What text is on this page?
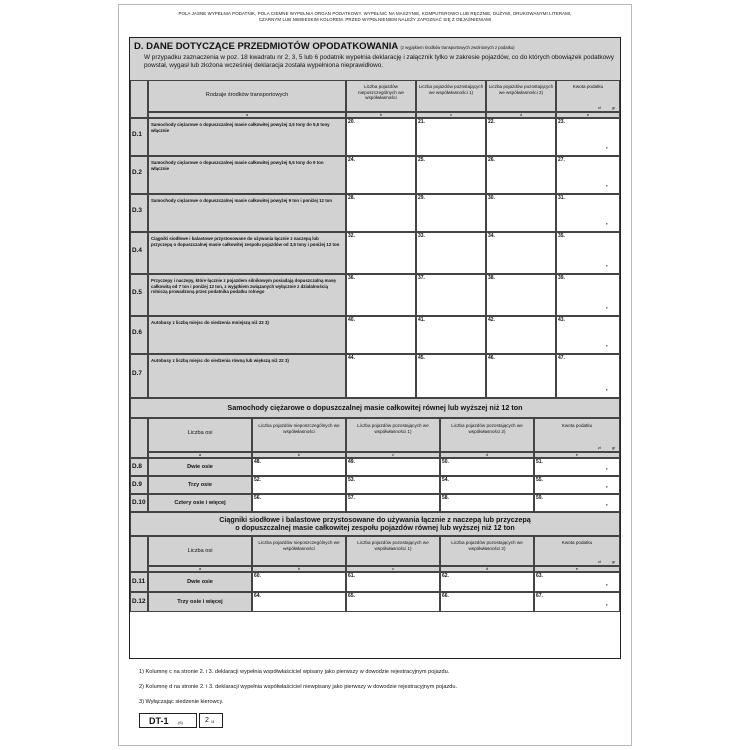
POLA JASNE WYPEŁNIA PODATNIK, POLA CIEMNE WYPEŁNIA ORGAN PODATKOWY. WYPEŁNIĆ NA MASZYNIE, KOMPUTEROWO LUB RĘCZNIE, DUŻYMI, DRUKOWANYMI LITERAMI,
CZARNYM LUB NIEBIESKIM KOLOREM. PRZED WYPEŁNIENIEM NALEŻY ZAPOZNAĆ SIĘ Z OBJAŚNIENIAMI
D. DANE DOTYCZĄCE PRZEDMIOTÓW OPODATKOWANIA (z wyjątkiem środków transportowych zwolnionych z podatku)
W przypadku zaznaczenia w poz. 18 kwadratu nr 2, 3, 5 lub 6 podatnik wypełnia deklarację i załącznik tylko w zakresie pojazdów, co do których obowiązek podatkowy powstał, wygasł lub złożona wcześniej deklaracja została wypełniona nieprawidłowo.
Rodzaje środków transportowych
a
Liczba pojazdów nieposzczególnych we współwłasności
b
Liczba pojazdów pozostających we współwłasności 1)
c
Liczba pojazdów pozostających we współwłasności 2)
d
Kwota podatku
e
zł	gr
D.1
Samochody ciężarowe o dopuszczalnej masie całkowitej powyżej 3,5 tony do 5,5 tony włącznie
20.	21.	22.	23.
,
D.2
Samochody ciężarowe o dopuszczalnej masie całkowitej powyżej 5,5 tony do 9 ton włącznie
24.	25.	26.	27.
,
D.3
Samochody ciężarowe o dopuszczalnej masie całkowitej powyżej 9 ton i poniżej 12 ton	28.	29.	30.	31.
,
D.4
Ciągniki siodłowe i balastowe przystosowane do używania łącznie z naczepą lub przyczepą o dopuszczalnej masie całkowitej zespołu pojazdów od 3,5 tony i poniżej 12 ton
32.	33.	34.	35.
,
D.5
Przyczepy i naczepy, które łącznie z pojazdem silnikowym posiadają dopuszczalną masę całkowitą od 7 ton i poniżej 12 ton, z wyjątkiem związanych wyłącznie z działalnością rolniczą prowadzoną przez podatnika podatku rolnego
36.	37.	38.	39.
,
D.6
Autobusy z liczbą miejsc do siedzenia mniejszą niż 22 3)	40.	41.	42.	43.
,
D.7
Autobusy z liczbą miejsc do siedzenia równą lub większą niż 22 3)	44.	45.	46.	47.
,
Samochody ciężarowe o dopuszczalnej masie całkowitej równej lub wyższej niż 12 ton
Liczba osi
a
Liczba pojazdów nieposzczególnych we współwłasności
b
Liczba pojazdów pozostających we współwłasności 1)
c
Liczba pojazdów pozostających we współwłasności 2)
d
Kwota podatku
e
zł	gr
D.8	Dwie osie
48.	49.	50.	51.
,
D.9	Trzy osie
52.	53.	54.	55.
,
D.10	Cztery osie i więcej
56.	57.	58.	59.
,
Ciągniki siodłowe i balastowe przystosowane do używania łącznie z naczepą lub przyczepą
o dopuszczalnej masie całkowitej zespołu pojazdów równej lub wyższej niż 12 ton
Liczba osi
a
Liczba pojazdów nieposzczególnych we współwłasności
b
Liczba pojazdów pozostających we współwłasności 1)
c
Liczba pojazdów pozostających we współwłasności 2)
d
Kwota podatku
e
zł	gr
D.11	Dwie osie
60.	61.	62.	63.
,
D.12	Trzy osie i więcej
64.	65.	66.	67.
,
1) Kolumnę c na stronie 2. i 3. deklaracji wypełnia współwłaściciel wpisany jako pierwszy w dowodzie rejestracyjnym pojazdu.
2) Kolumnę d na stronie 2. i 3. deklaracji wypełnia współwłaściciel niewpisany jako pierwszy w dowodzie rejestracyjnym pojazdu.
3) Wyłączając siedzenie kierowcy.
DT-1 (6)	2 /4
